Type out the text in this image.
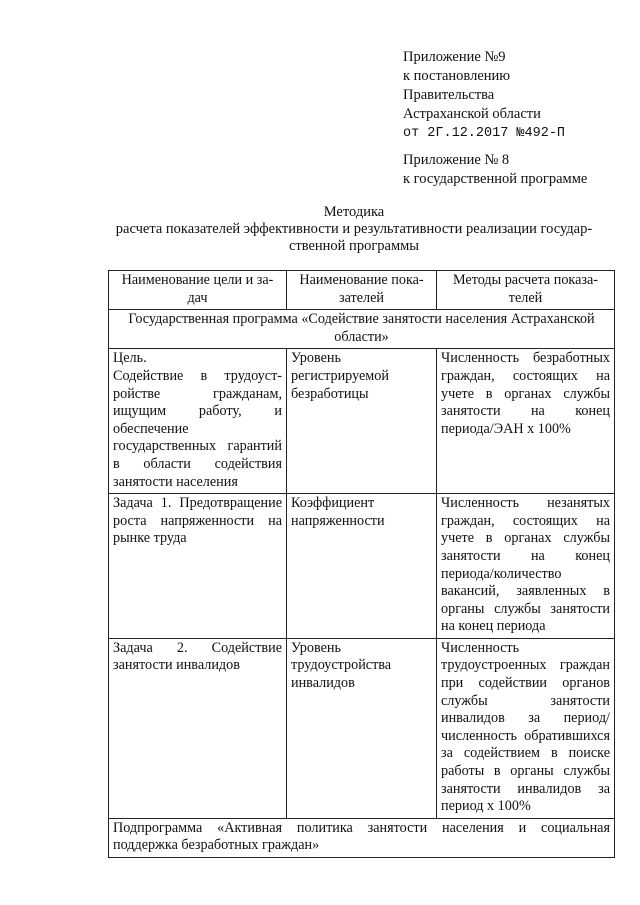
Приложение №9
к постановлению
Правительства
Астраханской области
от 2Г.12.2017 №492-П
Приложение № 8
к государственной программе
Методика
расчета показателей эффективности и результативности реализации государ-
ственной программы
Наименование цели и за-
дач	Наименование пока-
зателей	Методы расчета показа-
телей
Государственная программа «Содействие занятости населения Астраханской
области»		
Цель.
Содействие в трудоуст-ройстве гражданам, ищущим работу, и обеспечение государственных гарантий в области содействия занятости населения	Уровень регистрируемой безработицы	Численность безработных граждан, состоящих на учете в органах службы занятости на конец периода/ЭАН х 100%
Задача 1. Предотвращение роста напряженности на рынке труда	Коэффициент напряженности	Численность незанятых граждан, состоящих на учете в органах службы занятости на конец периода/количество вакансий, заявленных в органы службы занятости на конец периода
Задача 2. Содействие занятости инвалидов	Уровень трудоустройства инвалидов	Численность трудоустроенных граждан при содействии органов службы занятости инвалидов за период/численность обратившихся за содействием в поиске работы в органы службы занятости инвалидов за период х 100%
Подпрограмма «Активная политика занятости населения и социальная поддержка безработных граждан»		
